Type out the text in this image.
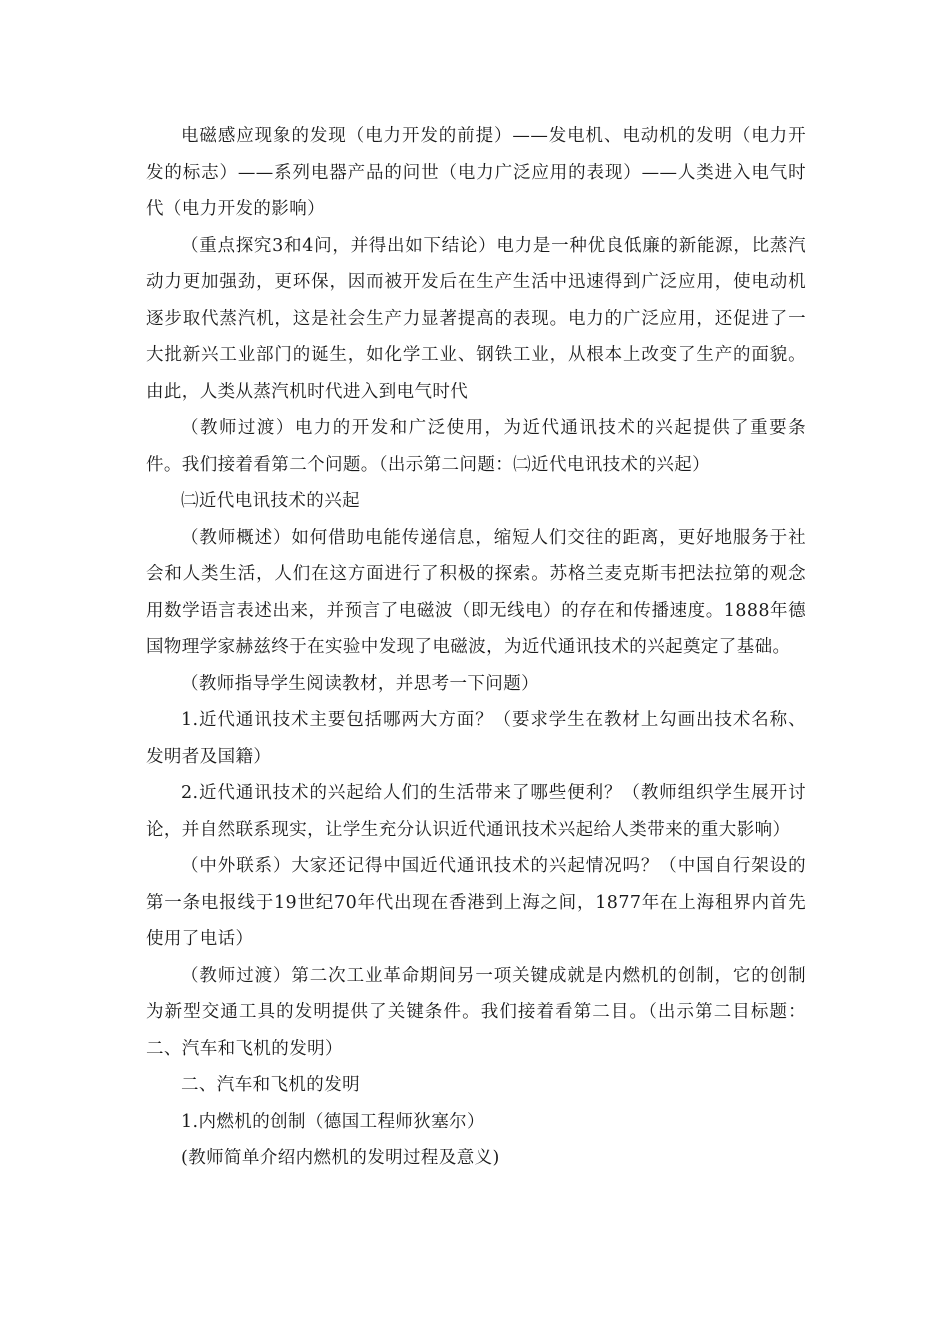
电磁感应现象的发现（电力开发的前提）——发电机、电动机的发明（电力开发的标志）——系列电器产品的问世（电力广泛应用的表现）——人类进入电气时代（电力开发的影响）

（重点探究3和4问，并得出如下结论）电力是一种优良低廉的新能源，比蒸汽动力更加强劲，更环保，因而被开发后在生产生活中迅速得到广泛应用，使电动机逐步取代蒸汽机，这是社会生产力显著提高的表现。电力的广泛应用，还促进了一大批新兴工业部门的诞生，如化学工业、钢铁工业，从根本上改变了生产的面貌。由此，人类从蒸汽机时代进入到电气时代

（教师过渡）电力的开发和广泛使用，为近代通讯技术的兴起提供了重要条件。我们接着看第二个问题。（出示第二问题：㈡近代电讯技术的兴起）

㈡近代电讯技术的兴起

（教师概述）如何借助电能传递信息，缩短人们交往的距离，更好地服务于社会和人类生活，人们在这方面进行了积极的探索。苏格兰麦克斯韦把法拉第的观念用数学语言表述出来，并预言了电磁波（即无线电）的存在和传播速度。1888年德国物理学家赫兹终于在实验中发现了电磁波，为近代通讯技术的兴起奠定了基础。

（教师指导学生阅读教材，并思考一下问题）

1.近代通讯技术主要包括哪两大方面？（要求学生在教材上勾画出技术名称、发明者及国籍）

2.近代通讯技术的兴起给人们的生活带来了哪些便利？（教师组织学生展开讨论，并自然联系现实，让学生充分认识近代通讯技术兴起给人类带来的重大影响）

（中外联系）大家还记得中国近代通讯技术的兴起情况吗？（中国自行架设的第一条电报线于19世纪70年代出现在香港到上海之间，1877年在上海租界内首先使用了电话）

（教师过渡）第二次工业革命期间另一项关键成就是内燃机的创制，它的创制为新型交通工具的发明提供了关键条件。我们接着看第二目。（出示第二目标题：二、汽车和飞机的发明）

二、汽车和飞机的发明

1.内燃机的创制（德国工程师狄塞尔）

(教师简单介绍内燃机的发明过程及意义)
